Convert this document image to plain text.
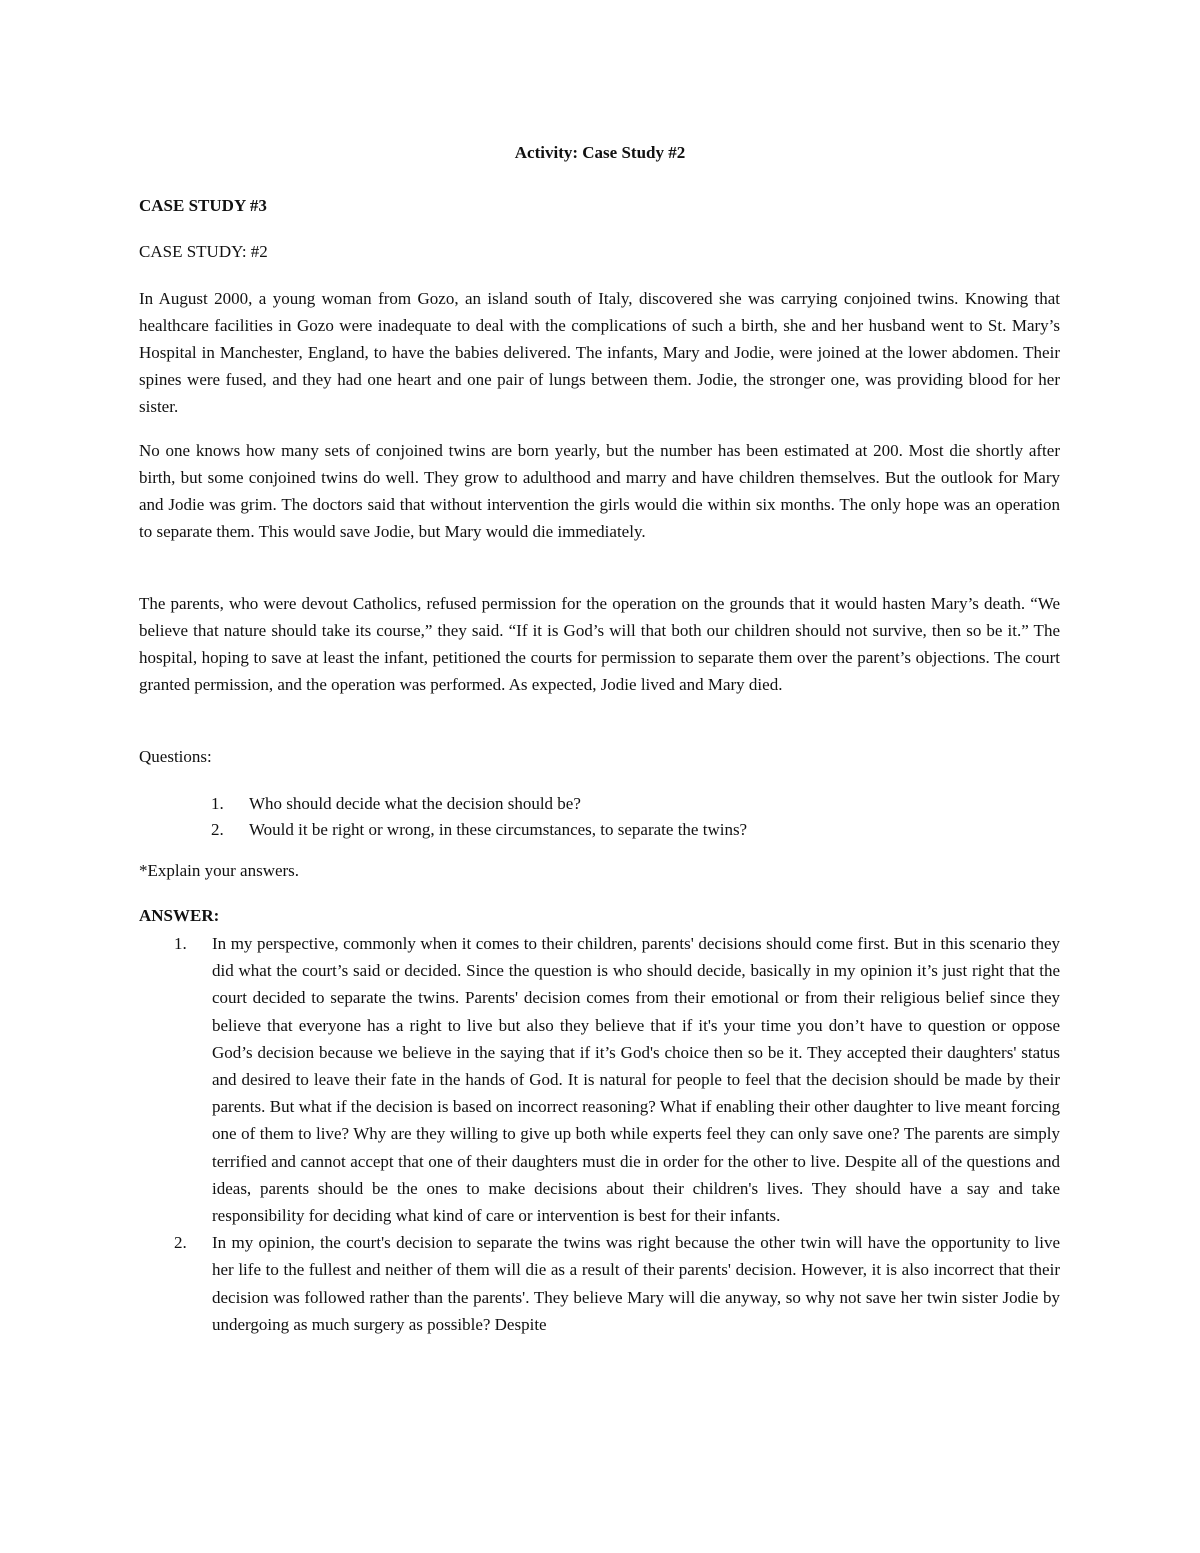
Activity: Case Study #2
CASE STUDY #3
CASE STUDY: #2

In August 2000, a young woman from Gozo, an island south of Italy, discovered she was carrying conjoined twins. Knowing that healthcare facilities in Gozo were inadequate to deal with the complications of such a birth, she and her husband went to St. Mary’s Hospital in Manchester, England, to have the babies delivered. The infants, Mary and Jodie, were joined at the lower abdomen. Their spines were fused, and they had one heart and one pair of lungs between them. Jodie, the stronger one, was providing blood for her sister.

No one knows how many sets of conjoined twins are born yearly, but the number has been estimated at 200. Most die shortly after birth, but some conjoined twins do well. They grow to adulthood and marry and have children themselves. But the outlook for Mary and Jodie was grim. The doctors said that without intervention the girls would die within six months. The only hope was an operation to separate them. This would save Jodie, but Mary would die immediately.

The parents, who were devout Catholics, refused permission for the operation on the grounds that it would hasten Mary’s death. “We believe that nature should take its course,” they said. “If it is God’s will that both our children should not survive, then so be it.” The hospital, hoping to save at least the infant, petitioned the courts for permission to separate them over the parent’s objections. The court granted permission, and the operation was performed. As expected, Jodie lived and Mary died.

Questions:
1.	Who should decide what the decision should be?
2.	Would it be right or wrong, in these circumstances, to separate the twins?
*Explain your answers.
ANSWER:
1.	In my perspective, commonly when it comes to their children, parents' decisions should come first. But in this scenario they did what the court’s said or decided. Since the question is who should decide, basically in my opinion it’s just right that the court decided to separate the twins. Parents' decision comes from their emotional or from their religious belief since they believe that everyone has a right to live but also they believe that if it's your time you don’t have to question or oppose God’s decision because we believe in the saying that if it’s God's choice then so be it. They accepted their daughters' status and desired to leave their fate in the hands of God. It is natural for people to feel that the decision should be made by their parents. But what if the decision is based on incorrect reasoning? What if enabling their other daughter to live meant forcing one of them to live? Why are they willing to give up both while experts feel they can only save one? The parents are simply terrified and cannot accept that one of their daughters must die in order for the other to live. Despite all of the questions and ideas, parents should be the ones to make decisions about their children's lives. They should have a say and take responsibility for deciding what kind of care or intervention is best for their infants.
2.	In my opinion, the court's decision to separate the twins was right because the other twin will have the opportunity to live her life to the fullest and neither of them will die as a result of their parents' decision. However, it is also incorrect that their decision was followed rather than the parents'. They believe Mary will die anyway, so why not save her twin sister Jodie by undergoing as much surgery as possible? Despite
